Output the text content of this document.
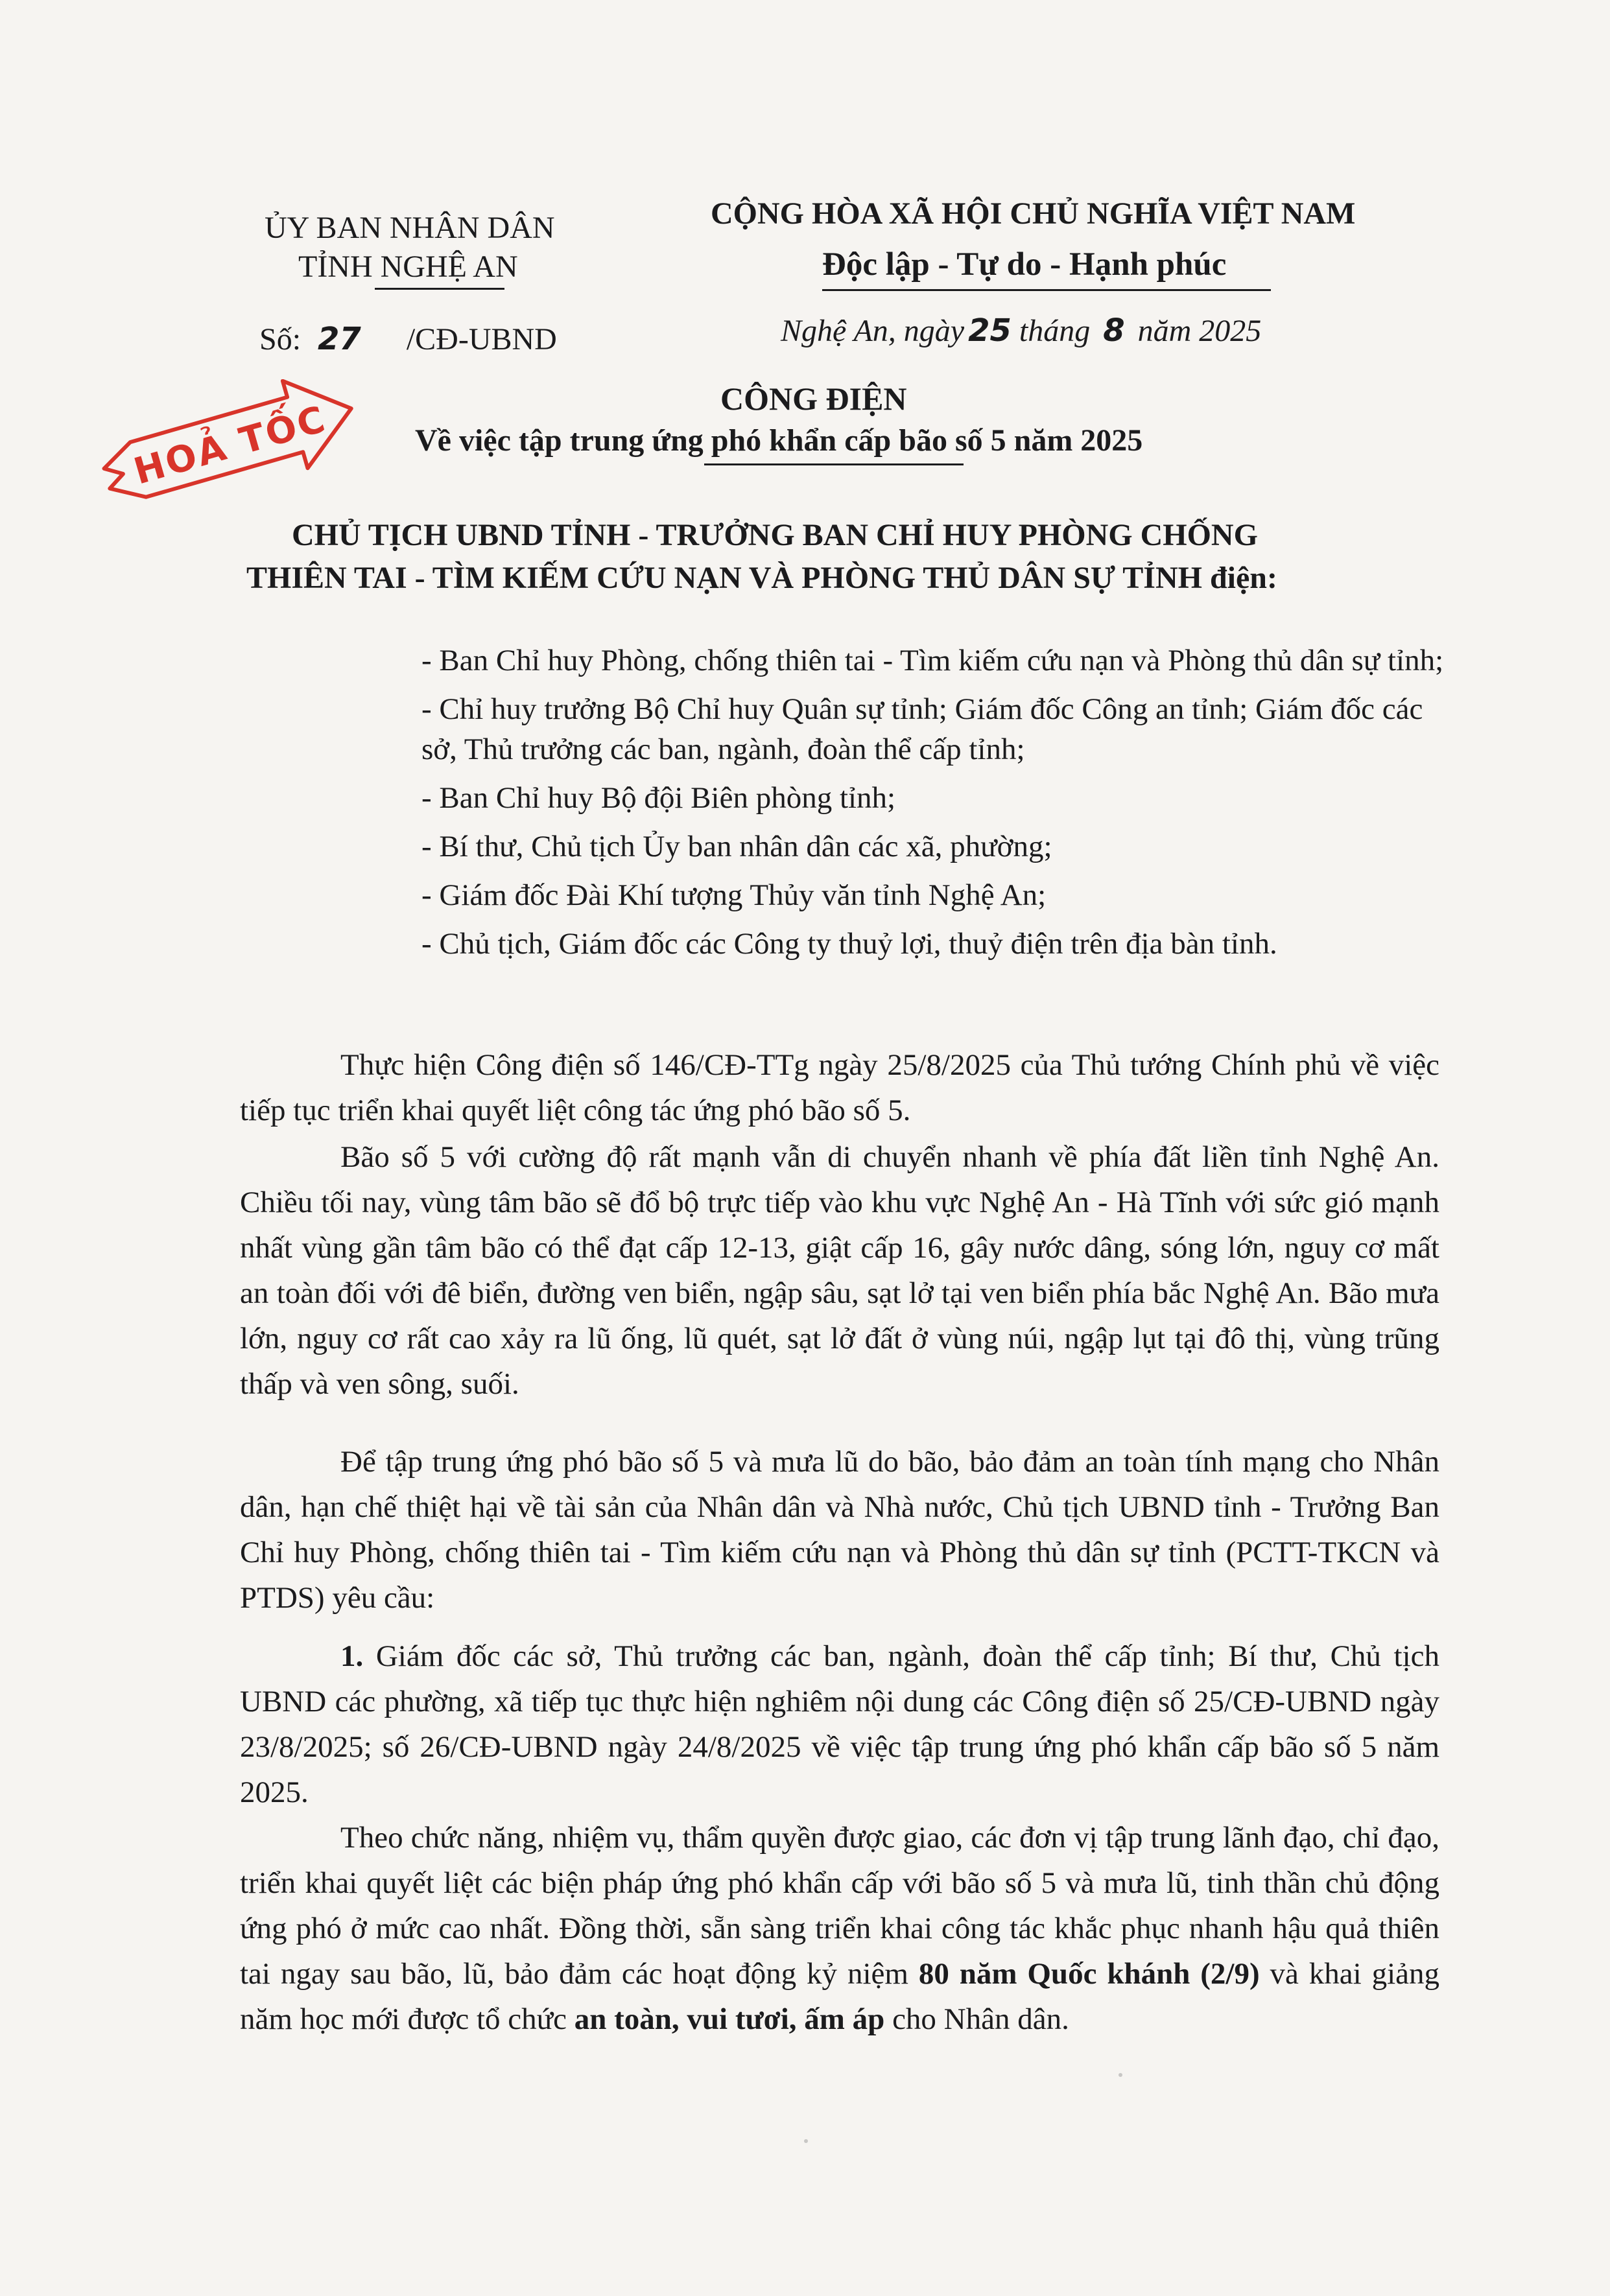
ỦY BAN NHÂN DÂN
TỈNH NGHỆ AN
Số: 27 /CĐ-UBND
CỘNG HÒA XÃ HỘI CHỦ NGHĨA VIỆT NAM
Độc lập - Tự do - Hạnh phúc
Nghệ An, ngày 25 tháng 8 năm 2025
HOẢ TỐC	CÔNG ĐIỆN
Về việc tập trung ứng phó khẩn cấp bão số 5 năm 2025
CHỦ TỊCH UBND TỈNH - TRƯỞNG BAN CHỈ HUY PHÒNG CHỐNG
THIÊN TAI - TÌM KIẾM CỨU NẠN VÀ PHÒNG THỦ DÂN SỰ TỈNH điện:
- Ban Chỉ huy Phòng, chống thiên tai - Tìm kiếm cứu nạn và Phòng thủ dân sự tỉnh;
- Chỉ huy trưởng Bộ Chỉ huy Quân sự tỉnh; Giám đốc Công an tỉnh; Giám đốc các sở, Thủ trưởng các ban, ngành, đoàn thể cấp tỉnh;
- Ban Chỉ huy Bộ đội Biên phòng tỉnh;
- Bí thư, Chủ tịch Ủy ban nhân dân các xã, phường;
- Giám đốc Đài Khí tượng Thủy văn tỉnh Nghệ An;
- Chủ tịch, Giám đốc các Công ty thuỷ lợi, thuỷ điện trên địa bàn tỉnh.
Thực hiện Công điện số 146/CĐ-TTg ngày 25/8/2025 của Thủ tướng Chính phủ về việc tiếp tục triển khai quyết liệt công tác ứng phó bão số 5.
Bão số 5 với cường độ rất mạnh vẫn di chuyển nhanh về phía đất liền tỉnh Nghệ An. Chiều tối nay, vùng tâm bão sẽ đổ bộ trực tiếp vào khu vực Nghệ An - Hà Tĩnh với sức gió mạnh nhất vùng gần tâm bão có thể đạt cấp 12-13, giật cấp 16, gây nước dâng, sóng lớn, nguy cơ mất an toàn đối với đê biển, đường ven biển, ngập sâu, sạt lở tại ven biển phía bắc Nghệ An. Bão mưa lớn, nguy cơ rất cao xảy ra lũ ống, lũ quét, sạt lở đất ở vùng núi, ngập lụt tại đô thị, vùng trũng thấp và ven sông, suối.
Để tập trung ứng phó bão số 5 và mưa lũ do bão, bảo đảm an toàn tính mạng cho Nhân dân, hạn chế thiệt hại về tài sản của Nhân dân và Nhà nước, Chủ tịch UBND tỉnh - Trưởng Ban Chỉ huy Phòng, chống thiên tai - Tìm kiếm cứu nạn và Phòng thủ dân sự tỉnh (PCTT-TKCN và PTDS) yêu cầu:
1. Giám đốc các sở, Thủ trưởng các ban, ngành, đoàn thể cấp tỉnh; Bí thư, Chủ tịch UBND các phường, xã tiếp tục thực hiện nghiêm nội dung các Công điện số 25/CĐ-UBND ngày 23/8/2025; số 26/CĐ-UBND ngày 24/8/2025 về việc tập trung ứng phó khẩn cấp bão số 5 năm 2025.
Theo chức năng, nhiệm vụ, thẩm quyền được giao, các đơn vị tập trung lãnh đạo, chỉ đạo, triển khai quyết liệt các biện pháp ứng phó khẩn cấp với bão số 5 và mưa lũ, tinh thần chủ động ứng phó ở mức cao nhất. Đồng thời, sẵn sàng triển khai công tác khắc phục nhanh hậu quả thiên tai ngay sau bão, lũ, bảo đảm các hoạt động kỷ niệm 80 năm Quốc khánh (2/9) và khai giảng năm học mới được tổ chức an toàn, vui tươi, ấm áp cho Nhân dân.
